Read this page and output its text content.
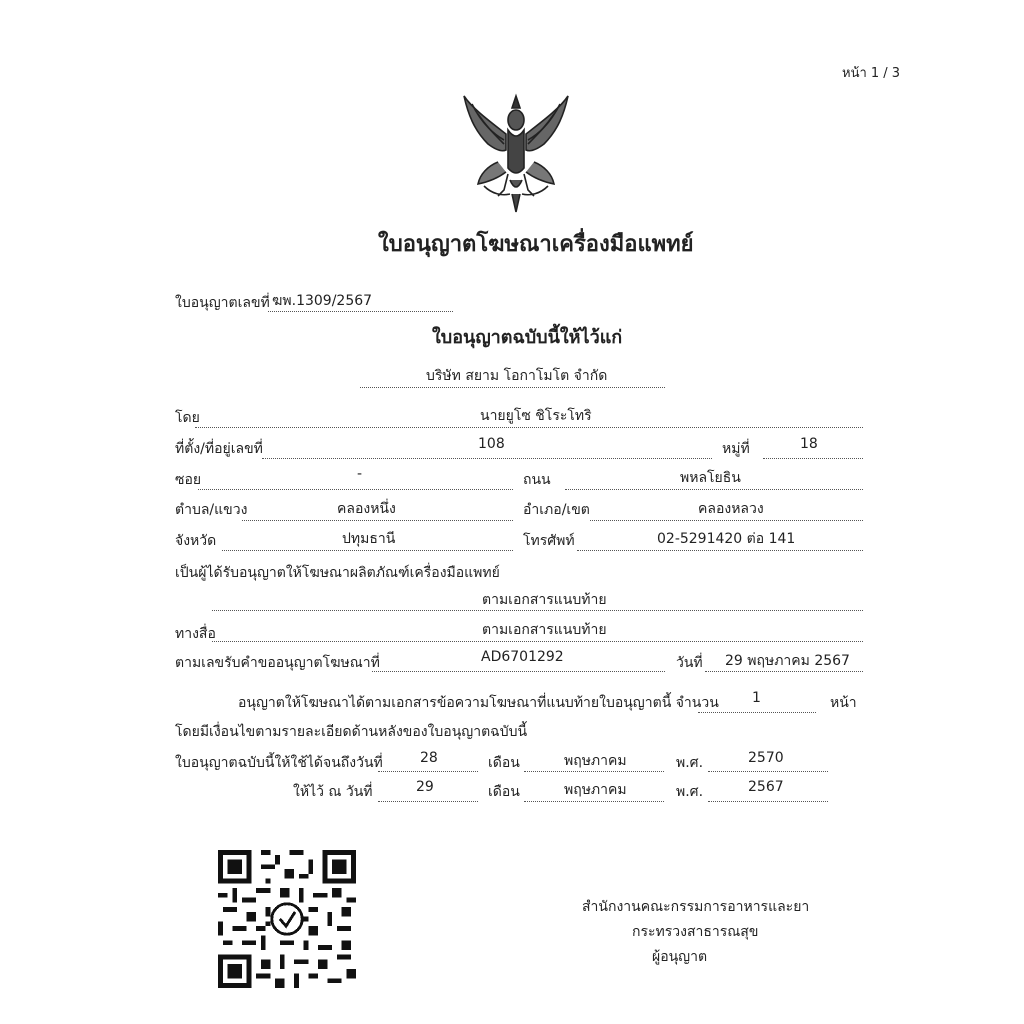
หน้า 1 / 3
ใบอนุญาตโฆษณาเครื่องมือแพทย์
ใบอนุญาตเลขที่ ฆพ.1309/2567
ใบอนุญาตฉบับนี้ให้ไว้แก่
บริษัท สยาม โอกาโมโต จำกัด
โดย	นายยูโซ ชิโระโทริ
ที่ตั้ง/ที่อยู่เลขที่	108	หมู่ที่	18
ซอย	-	ถนน	พหลโยธิน
ตำบล/แขวง	คลองหนึ่ง	อำเภอ/เขต	คลองหลวง
จังหวัด	ปทุมธานี	โทรศัพท์	02-5291420 ต่อ 141
เป็นผู้ได้รับอนุญาตให้โฆษณาผลิตภัณฑ์เครื่องมือแพทย์
ตามเอกสารแนบท้าย
ทางสื่อ	ตามเอกสารแนบท้าย
ตามเลขรับคำขออนุญาตโฆษณาที่	AD6701292	วันที่ 29 พฤษภาคม 2567
อนุญาตให้โฆษณาได้ตามเอกสารข้อความโฆษณาที่แนบท้ายใบอนุญาตนี้ จำนวน 1	หน้า
โดยมีเงื่อนไขตามรายละเอียดด้านหลังของใบอนุญาตฉบับนี้
ใบอนุญาตฉบับนี้ให้ใช้ได้จนถึงวันที่	28	เดือน	พฤษภาคม	พ.ศ.	2570
ให้ไว้ ณ วันที่	29	เดือน	พฤษภาคม	พ.ศ.	2567
สำนักงานคณะกรรมการอาหารและยา
กระทรวงสาธารณสุข
ผู้อนุญาต
